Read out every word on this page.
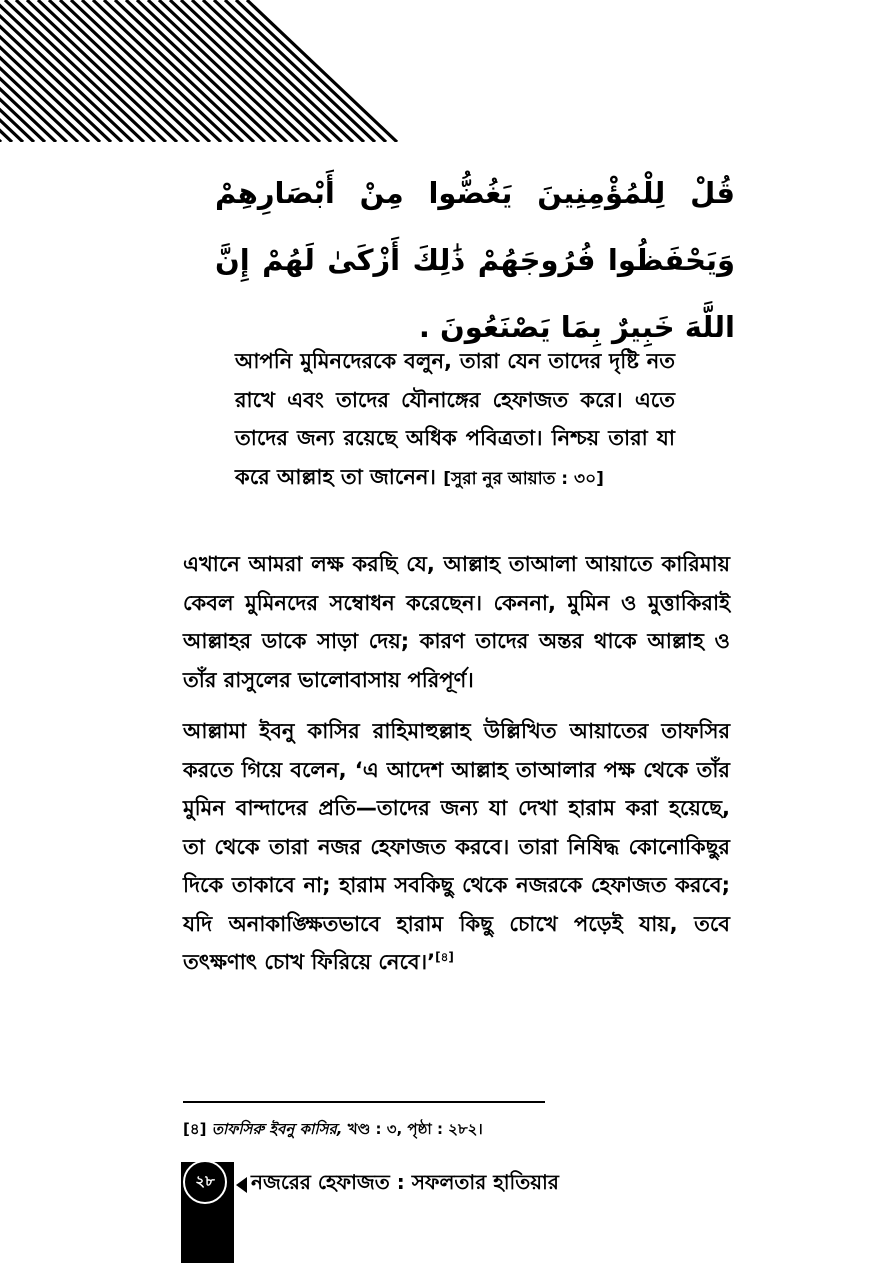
قُلْ لِلْمُؤْمِنِينَ يَغُضُّوا مِنْ أَبْصَارِهِمْ وَيَحْفَظُوا فُرُوجَهُمْ ذَٰلِكَ أَزْكَىٰ لَهُمْ إِنَّ اللَّهَ خَبِيرٌ بِمَا يَصْنَعُونَ .
আপনি মুমিনদেরকে বলুন, তারা যেন তাদের দৃষ্টি নত রাখে এবং তাদের যৌনাঙ্গের হেফাজত করে। এতে তাদের জন্য রয়েছে অধিক পবিত্রতা। নিশ্চয় তারা যা করে আল্লাহ তা জানেন। [সুরা নুর আয়াত : ৩০]
এখানে আমরা লক্ষ করছি যে, আল্লাহ তাআলা আয়াতে কারিমায় কেবল মুমিনদের সম্বোধন করেছেন। কেননা, মুমিন ও মুত্তাকিরাই আল্লাহর ডাকে সাড়া দেয়; কারণ তাদের অন্তর থাকে আল্লাহ ও তাঁর রাসুলের ভালোবাসায় পরিপূর্ণ।
আল্লামা ইবনু কাসির রাহিমাহুল্লাহ উল্লিখিত আয়াতের তাফসির করতে গিয়ে বলেন, ‘এ আদেশ আল্লাহ তাআলার পক্ষ থেকে তাঁর মুমিন বান্দাদের প্রতি—তাদের জন্য যা দেখা হারাম করা হয়েছে, তা থেকে তারা নজর হেফাজত করবে। তারা নিষিদ্ধ কোনোকিছুর দিকে তাকাবে না; হারাম সবকিছু থেকে নজরকে হেফাজত করবে; যদি অনাকাঙ্ক্ষিতভাবে হারাম কিছু চোখে পড়েই যায়, তবে তৎক্ষণাৎ চোখ ফিরিয়ে নেবে।’[৪]
[৪] তাফসিরু ইবনু কাসির, খণ্ড : ৩, পৃষ্ঠা : ২৮২।
২৮	নজরের হেফাজত : সফলতার হাতিয়ার
